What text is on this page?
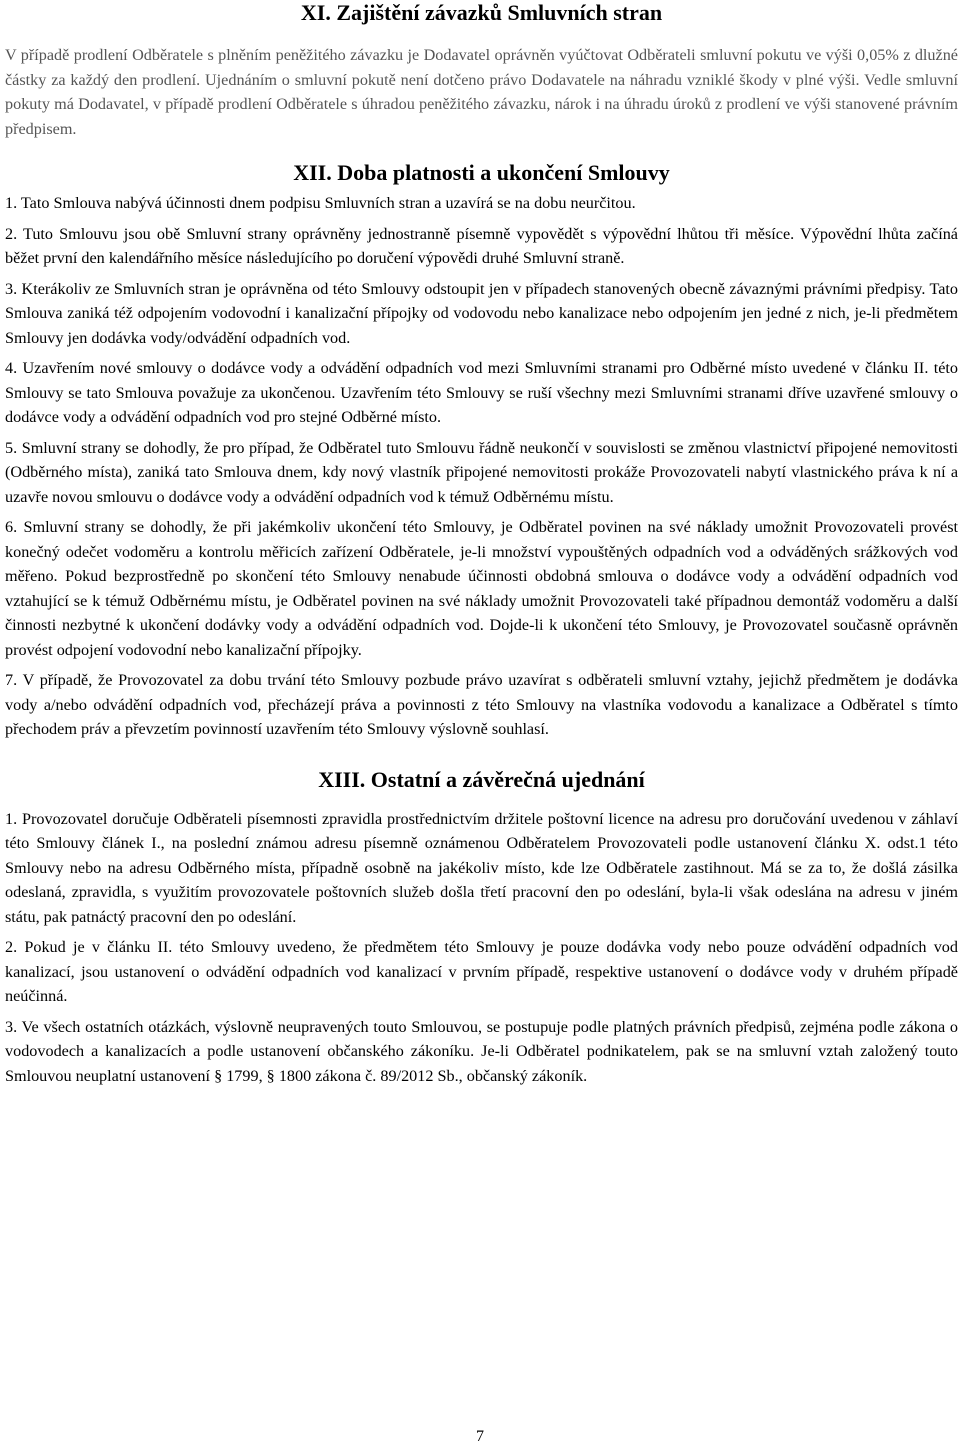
XI. Zajištění závazků Smluvních stran

V případě prodlení Odběratele s plněním peněžitého závazku je Dodavatel oprávněn vyúčtovat Odběrateli smluvní pokutu ve výši 0,05% z dlužné částky za každý den prodlení. Ujednáním o smluvní pokutě není dotčeno právo Dodavatele na náhradu vzniklé škody v plné výši. Vedle smluvní pokuty má Dodavatel, v případě prodlení Odběratele s úhradou peněžitého závazku, nárok i na úhradu úroků z prodlení ve výši stanovené právním předpisem.

XII. Doba platnosti a ukončení Smlouvy

1. Tato Smlouva nabývá účinnosti dnem podpisu Smluvních stran a uzavírá se na dobu neurčitou.

2. Tuto Smlouvu jsou obě Smluvní strany oprávněny jednostranně písemně vypovědět s výpovědní lhůtou tři měsíce. Výpovědní lhůta začíná běžet první den kalendářního měsíce následujícího po doručení výpovědi druhé Smluvní straně.

3. Kterákoliv ze Smluvních stran je oprávněna od této Smlouvy odstoupit jen v případech stanovených obecně závaznými právními předpisy. Tato Smlouva zaniká též odpojením vodovodní i kanalizační přípojky od vodovodu nebo kanalizace nebo odpojením jen jedné z nich, je-li předmětem Smlouvy jen dodávka vody/odvádění odpadních vod.

4. Uzavřením nové smlouvy o dodávce vody a odvádění odpadních vod mezi Smluvními stranami pro Odběrné místo uvedené v článku II. této Smlouvy se tato Smlouva považuje za ukončenou. Uzavřením této Smlouvy se ruší všechny mezi Smluvními stranami dříve uzavřené smlouvy o dodávce vody a odvádění odpadních vod pro stejné Odběrné místo.

5. Smluvní strany se dohodly, že pro případ, že Odběratel tuto Smlouvu řádně neukončí v souvislosti se změnou vlastnictví připojené nemovitosti (Odběrného místa), zaniká tato Smlouva dnem, kdy nový vlastník připojené nemovitosti prokáže Provozovateli nabytí vlastnického práva k ní a uzavře novou smlouvu o dodávce vody a odvádění odpadních vod k témuž Odběrnému místu.

6. Smluvní strany se dohodly, že při jakémkoliv ukončení této Smlouvy, je Odběratel povinen na své náklady umožnit Provozovateli provést konečný odečet vodoměru a kontrolu měřicích zařízení Odběratele, je-li množství vypouštěných odpadních vod a odváděných srážkových vod měřeno. Pokud bezprostředně po skončení této Smlouvy nenabude účinnosti obdobná smlouva o dodávce vody a odvádění odpadních vod vztahující se k témuž Odběrnému místu, je Odběratel povinen na své náklady umožnit Provozovateli také případnou demontáž vodoměru a další činnosti nezbytné k ukončení dodávky vody a odvádění odpadních vod. Dojde-li k ukončení této Smlouvy, je Provozovatel současně oprávněn provést odpojení vodovodní nebo kanalizační přípojky.

7. V případě, že Provozovatel za dobu trvání této Smlouvy pozbude právo uzavírat s odběrateli smluvní vztahy, jejichž předmětem je dodávka vody a/nebo odvádění odpadních vod, přecházejí práva a povinnosti z této Smlouvy na vlastníka vodovodu a kanalizace a Odběratel s tímto přechodem práv a převzetím povinností uzavřením této Smlouvy výslovně souhlasí.

XIII. Ostatní a závěrečná ujednání

1. Provozovatel doručuje Odběrateli písemnosti zpravidla prostřednictvím držitele poštovní licence na adresu pro doručování uvedenou v záhlaví této Smlouvy článek I., na poslední známou adresu písemně oznámenou Odběratelem Provozovateli podle ustanovení článku X. odst.1 této Smlouvy nebo na adresu Odběrného místa, případně osobně na jakékoliv místo, kde lze Odběratele zastihnout. Má se za to, že došlá zásilka odeslaná, zpravidla, s využitím provozovatele poštovních služeb došla třetí pracovní den po odeslání, byla-li však odeslána na adresu v jiném státu, pak patnáctý pracovní den po odeslání.

2. Pokud je v článku II. této Smlouvy uvedeno, že předmětem této Smlouvy je pouze dodávka vody nebo pouze odvádění odpadních vod kanalizací, jsou ustanovení o odvádění odpadních vod kanalizací v prvním případě, respektive ustanovení o dodávce vody v druhém případě neúčinná.

3. Ve všech ostatních otázkách, výslovně neupravených touto Smlouvou, se postupuje podle platných právních předpisů, zejména podle zákona o vodovodech a kanalizacích a podle ustanovení občanského zákoníku. Je-li Odběratel podnikatelem, pak se na smluvní vztah založený touto Smlouvou neuplatní ustanovení § 1799, § 1800 zákona č. 89/2012 Sb., občanský zákoník.

7
